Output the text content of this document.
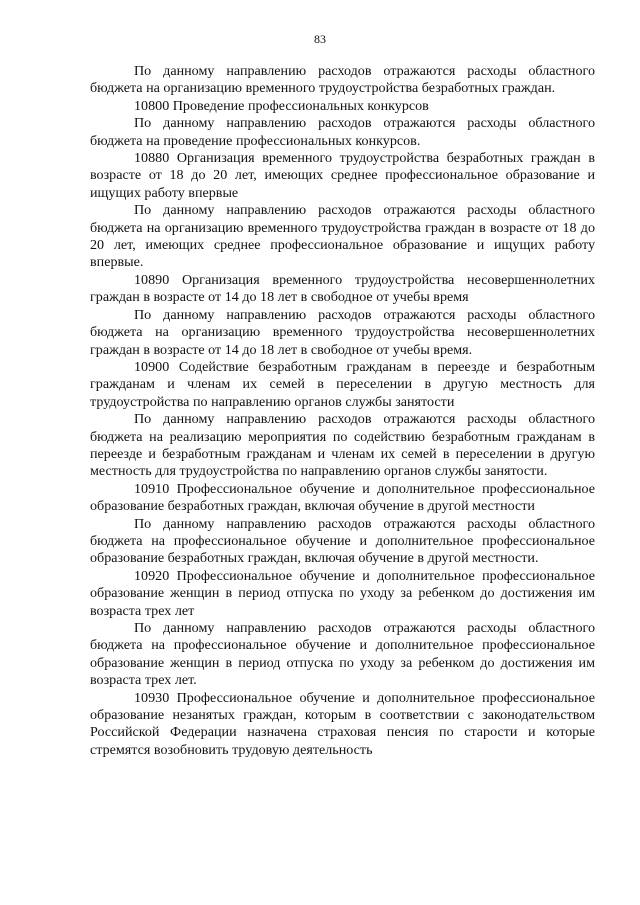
83

По данному направлению расходов отражаются расходы областного бюджета на организацию временного трудоустройства безработных граждан.

10800 Проведение профессиональных конкурсов

По данному направлению расходов отражаются расходы областного бюджета на проведение профессиональных конкурсов.

10880 Организация временного трудоустройства безработных граждан в возрасте от 18 до 20 лет, имеющих среднее профессиональное образование и ищущих работу впервые

По данному направлению расходов отражаются расходы областного бюджета на организацию временного трудоустройства граждан в возрасте от 18 до 20 лет, имеющих среднее профессиональное образование и ищущих работу впервые.

10890 Организация временного трудоустройства несовершеннолетних граждан в возрасте от 14 до 18 лет в свободное от учебы время

По данному направлению расходов отражаются расходы областного бюджета на организацию временного трудоустройства несовершеннолетних граждан в возрасте от 14 до 18 лет в свободное от учебы время.

10900 Содействие безработным гражданам в переезде и безработным гражданам и членам их семей в переселении в другую местность для трудоустройства по направлению органов службы занятости

По данному направлению расходов отражаются расходы областного бюджета на реализацию мероприятия по содействию безработным гражданам в переезде и безработным гражданам и членам их семей в переселении в другую местность для трудоустройства по направлению органов службы занятости.

10910 Профессиональное обучение и дополнительное профессиональное образование безработных граждан, включая обучение в другой местности

По данному направлению расходов отражаются расходы областного бюджета на профессиональное обучение и дополнительное профессиональное образование безработных граждан, включая обучение в другой местности.

10920 Профессиональное обучение и дополнительное профессиональное образование женщин в период отпуска по уходу за ребенком до достижения им возраста трех лет

По данному направлению расходов отражаются расходы областного бюджета на профессиональное обучение и дополнительное профессиональное образование женщин в период отпуска по уходу за ребенком до достижения им возраста трех лет.

10930 Профессиональное обучение и дополнительное профессиональное образование незанятых граждан, которым в соответствии с законодательством Российской Федерации назначена страховая пенсия по старости и которые стремятся возобновить трудовую деятельность
